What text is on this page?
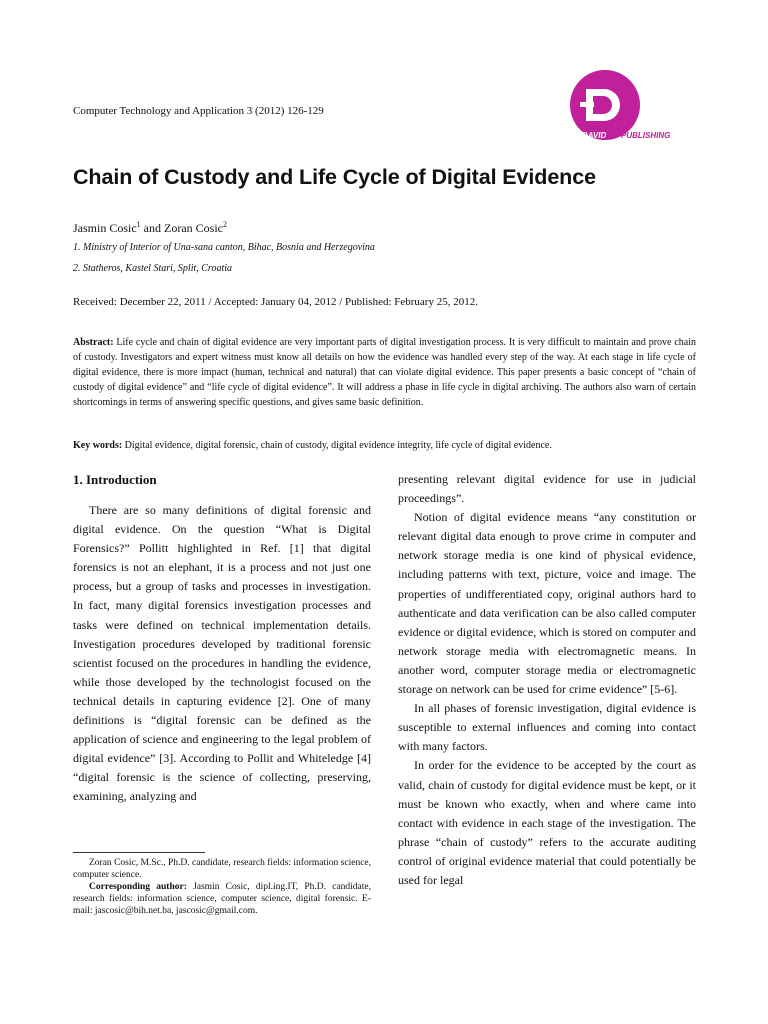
Computer Technology and Application 3 (2012) 126-129
DAVID PUBLISHING
Chain of Custody and Life Cycle of Digital Evidence
Jasmin Cosic$^1$ and Zoran Cosic$^2$
1. Ministry of Interior of Una-sana canton, Bihac, Bosnia and Herzegovina
2. Statheros, Kastel Stari, Split, Croatia
Received: December 22, 2011 / Accepted: January 04, 2012 / Published: February 25, 2012.
Abstract: Life cycle and chain of digital evidence are very important parts of digital investigation process. It is very difficult to maintain and prove chain of custody. Investigators and expert witness must know all details on how the evidence was handled every step of the way. At each stage in life cycle of digital evidence, there is more impact (human, technical and natural) that can violate digital evidence. This paper presents a basic concept of “chain of custody of digital evidence” and “life cycle of digital evidence”. It will address a phase in life cycle in digital archiving. The authors also warn of certain shortcomings in terms of answering specific questions, and gives same basic definition.
Key words: Digital evidence, digital forensic, chain of custody, digital evidence integrity, life cycle of digital evidence.
1. Introduction

There are so many definitions of digital forensic and digital evidence. On the question “What is Digital Forensics?” Pollitt highlighted in Ref. [1] that digital forensics is not an elephant, it is a process and not just one process, but a group of tasks and processes in investigation. In fact, many digital forensics investigation processes and tasks were defined on technical implementation details. Investigation procedures developed by traditional forensic scientist focused on the procedures in handling the evidence, while those developed by the technologist focused on the technical details in capturing evidence [2]. One of many definitions is “digital forensic can be defined as the application of science and engineering to the legal problem of digital evidence” [3]. According to Pollit and Whiteledge [4] “digital forensic is the science of collecting, preserving, examining, analyzing and

presenting relevant digital evidence for use in judicial proceedings”.

Notion of digital evidence means “any constitution or relevant digital data enough to prove crime in computer and network storage media is one kind of physical evidence, including patterns with text, picture, voice and image. The properties of undifferentiated copy, original authors hard to authenticate and data verification can be also called computer evidence or digital evidence, which is stored on computer and network storage media with electromagnetic means. In another word, computer storage media or electromagnetic storage on network can be used for crime evidence” [5-6].

In all phases of forensic investigation, digital evidence is susceptible to external influences and coming into contact with many factors.

In order for the evidence to be accepted by the court as valid, chain of custody for digital evidence must be kept, or it must be known who exactly, when and where came into contact with evidence in each stage of the investigation. The phrase “chain of custody” refers to the accurate auditing control of original evidence material that could potentially be used for legal

Zoran Cosic, M.Sc., Ph.D. candidate, research fields: information science, computer science.

Corresponding author: Jasmin Cosic, dipl.ing.IT, Ph.D. candidate, research fields: information science, computer science, digital forensic. E-mail: jascosic@bih.net.ba, jascosic@gmail.com.
